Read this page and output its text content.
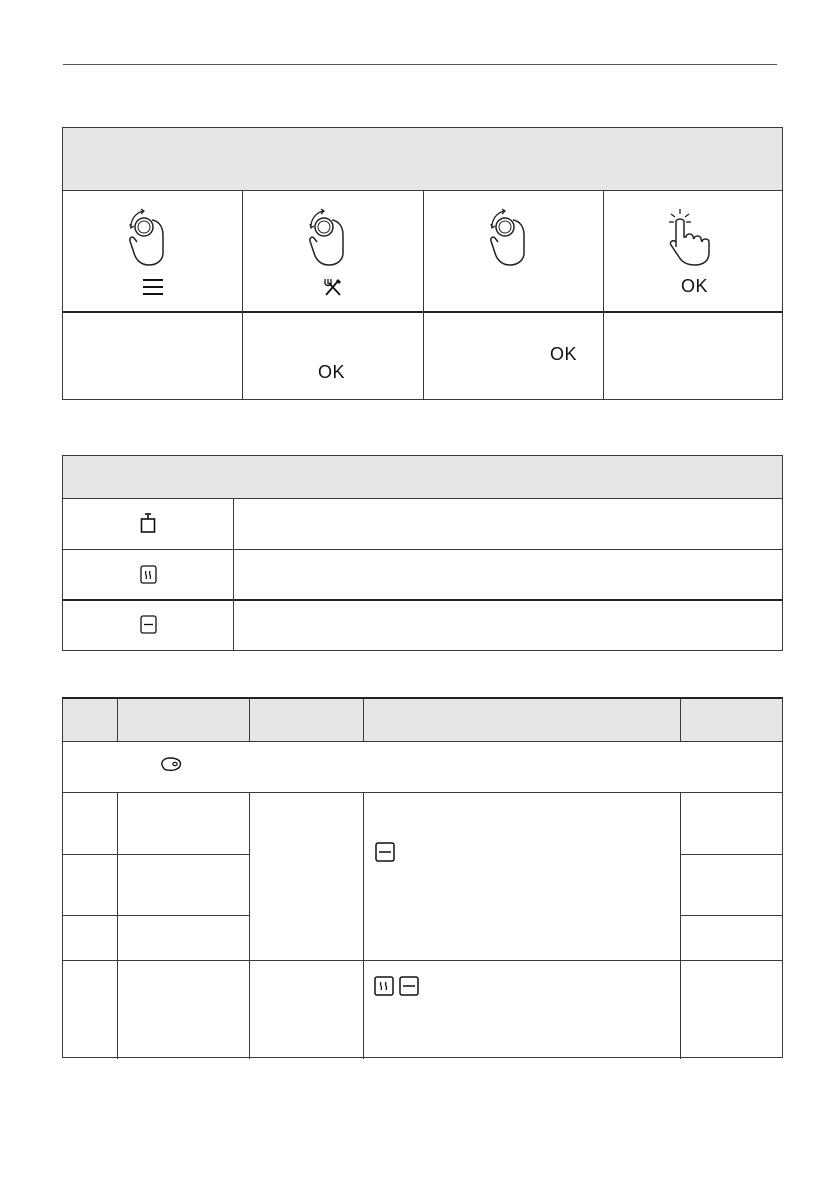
OK
OK
OK
